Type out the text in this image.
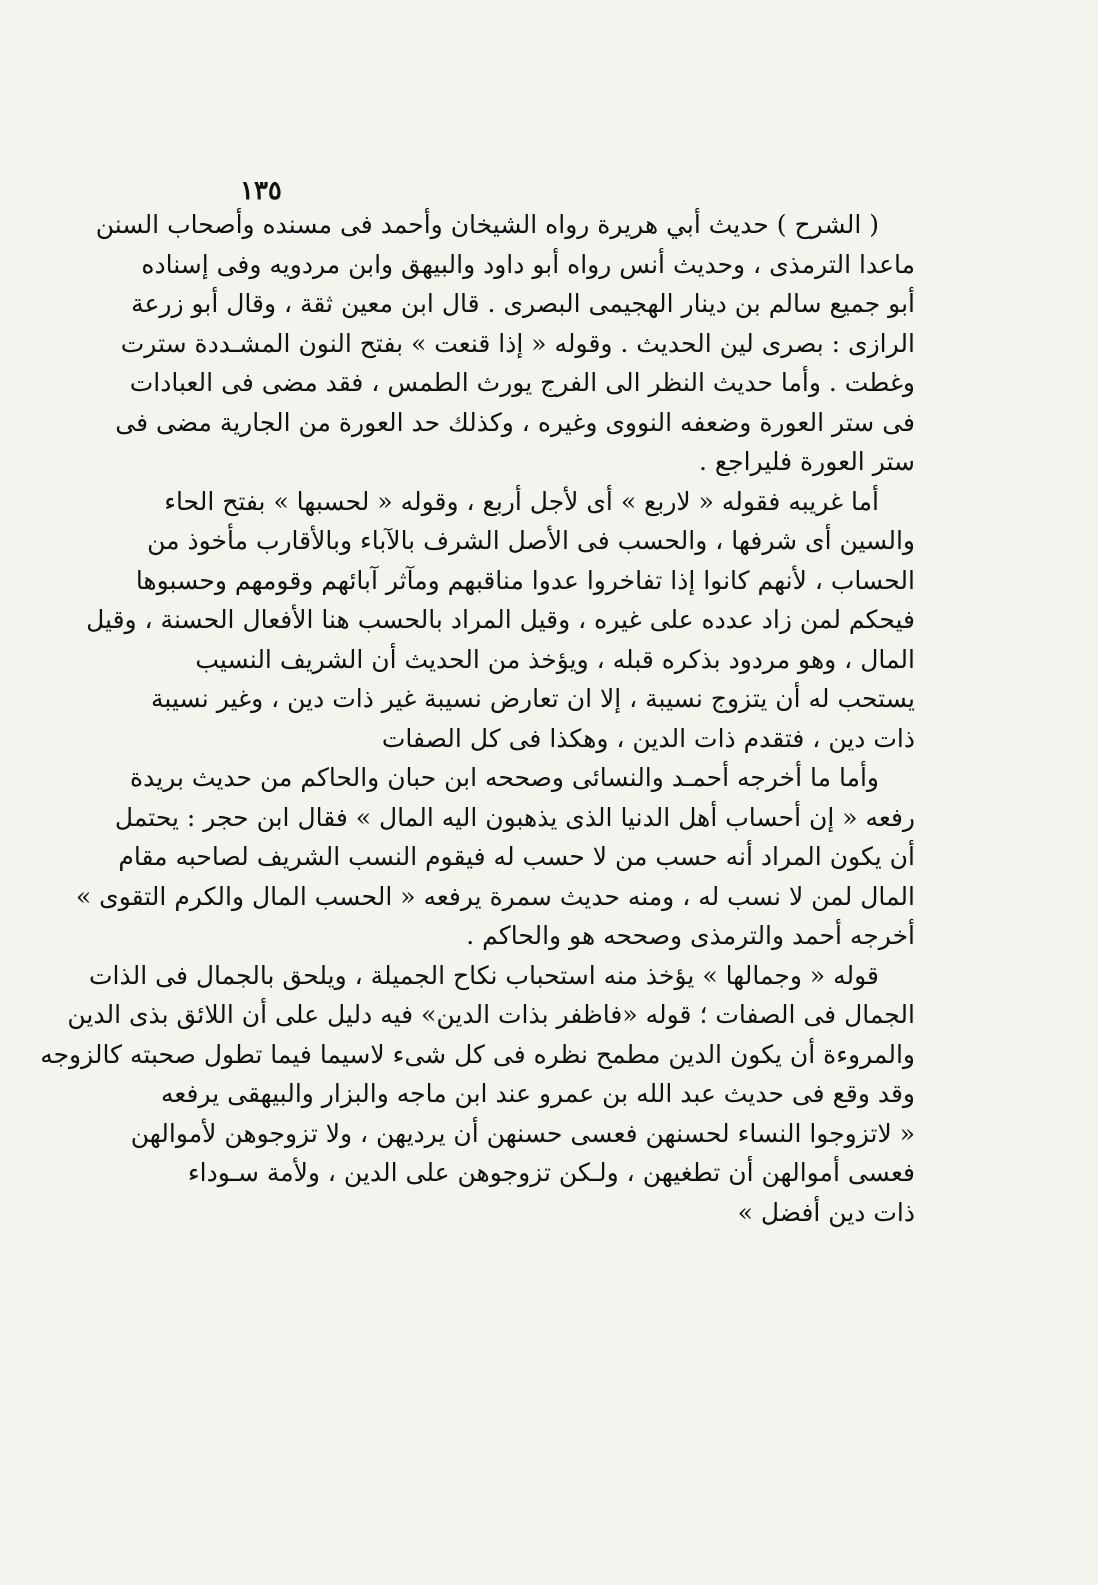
١٣٥
( الشرح ) حديث أبي هريرة رواه الشيخان وأحمد فى مسنده وأصحاب السنن
ماعدا الترمذى ، وحديث أنس رواه أبو داود والبيهق وابن مردويه وفى إسناده
أبو جميع سالم بن دينار الهجيمى البصرى . قال ابن معين ثقة ، وقال أبو زرعة
الرازى : بصرى لين الحديث . وقوله « إذا قنعت » بفتح النون المشـددة سترت
وغطت . وأما حديث النظر الى الفرج يورث الطمس ، فقد مضى فى العبادات
فى ستر العورة وضعفه النووى وغيره ، وكذلك حد العورة من الجارية مضى فى
ستر العورة فليراجع .
أما غريبه فقوله « لاربع » أى لأجل أربع ، وقوله « لحسبها » بفتح الحاء
والسين أى شرفها ، والحسب فى الأصل الشرف بالآباء وبالأقارب مأخوذ من
الحساب ، لأنهم كانوا إذا تفاخروا عدوا مناقبهم ومآثر آبائهم وقومهم وحسبوها
فيحكم لمن زاد عدده على غيره ، وقيل المراد بالحسب هنا الأفعال الحسنة ، وقيل
المال ، وهو مردود بذكره قبله ، ويؤخذ من الحديث أن الشريف النسيب
يستحب له أن يتزوج نسيبة ، إلا ان تعارض نسيبة غير ذات دين ، وغير نسيبة
ذات دين ، فتقدم ذات الدين ، وهكذا فى كل الصفات
وأما ما أخرجه أحمـد والنسائى وصححه ابن حبان والحاكم من حديث بريدة
رفعه « إن أحساب أهل الدنيا الذى يذهبون اليه المال » فقال ابن حجر : يحتمل
أن يكون المراد أنه حسب من لا حسب له فيقوم النسب الشريف لصاحبه مقام
المال لمن لا نسب له ، ومنه حديث سمرة يرفعه « الحسب المال والكرم التقوى »
أخرجه أحمد والترمذى وصححه هو والحاكم .
قوله « وجمالها » يؤخذ منه استحباب نكاح الجميلة ، ويلحق بالجمال فى الذات
الجمال فى الصفات ؛ قوله «فاظفر بذات الدين» فيه دليل على أن اللائق بذى الدين
والمروءة أن يكون الدين مطمح نظره فى كل شىء لاسيما فيما تطول صحبته كالزوجه
وقد وقع فى حديث عبد الله بن عمرو عند ابن ماجه والبزار والبيهقى يرفعه
« لاتزوجوا النساء لحسنهن فعسى حسنهن أن يرديهن ، ولا تزوجوهن لأموالهن
فعسى أموالهن أن تطغيهن ، ولـكن تزوجوهن على الدين ، ولأمة سـوداء
ذات دين أفضل »
